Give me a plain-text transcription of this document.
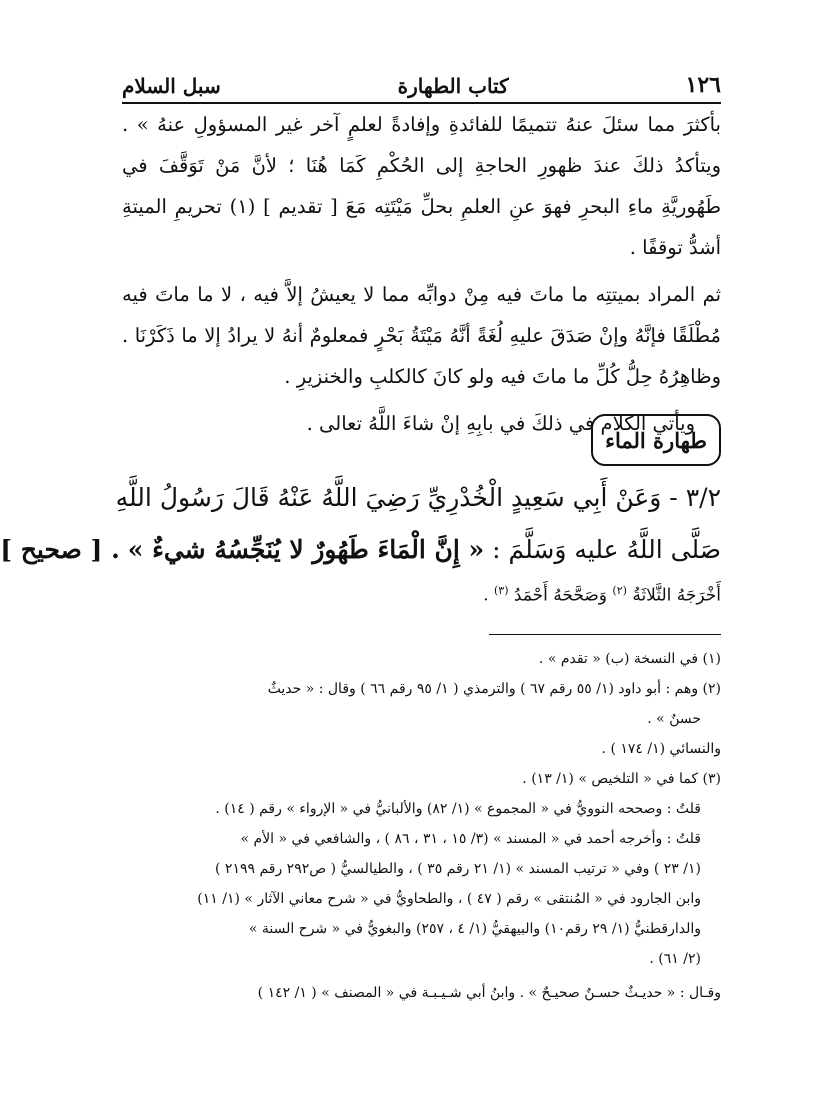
١٢٦
كتاب الطهارة
سبل السلام

بأكثرَ مما سئلَ عنهُ تتميمًا للفائدةِ وإفادةً لعلمٍ آخر غير المسؤولِ عنهُ » . ويتأكدُ ذلكَ عندَ ظهورِ الحاجةِ إلى الحُكْمِ كَمَا هُنَا ؛ لأنَّ مَنْ تَوَقَّفَ في طَهُوريَّةِ ماءِ البحرِ فهوَ عنِ العلمِ بحلِّ مَيْتَتِه مَعَ [ تقديم ] (١) تحريمِ الميتةِ أشدُّ توقفًا .

ثم المراد بميتتِه ما ماتَ فيه مِنْ دوابِّه مما لا يعيشُ إلاَّ فيه ، لا ما ماتَ فيه مُطْلَقًا فإنَّهُ وإنْ صَدَقَ عليهِ لُغَةً أنَّهُ مَيْتَةُ بَحْرٍ فمعلومٌ أنهُ لا يرادُ إلا ما ذَكَرْنَا . وظاهِرُهُ حِلُّ كُلِّ ما ماتَ فيه ولو كانَ كالكلبِ والخنزيرِ .

ويأتي الكلام في ذلكَ في بابِهِ إنْ شاءَ اللَّهُ تعالى .

طهارة الماء
٣/٢ - وَعَنْ أَبِي سَعِيدٍ الْخُدْرِيِّ رَضِيَ اللَّهُ عَنْهُ قَالَ رَسُولُ اللَّهِ
صَلَّى اللَّهُ عليه وَسَلَّمَ : « إِنَّ الْمَاءَ طَهُورٌ لا يُنَجِّسُهُ شيءٌ » . [ صحيح ]
أَخْرَجَهُ الثَّلاثَةُ $^{(٢)}$ وَصَحَّحَهُ أَحْمَدُ $^{(٣)}$ .

(١) في النسخة (ب) « تقدم » .

(٢) وهم : أبو داود (١/ ٥٥ رقم ٦٧ ) والترمذي ( ١/ ٩٥ رقم ٦٦ ) وقال : « حديثٌ

حسنٌ » .

والنسائي (١/ ١٧٤ ) .

(٣) كما في « التلخيص » (١/ ١٣) .

قلتُ : وصححه النوويُّ في « المجموع » (١/ ٨٢) والألبانيُّ في « الإرواء » رقم ( ١٤) .

قلتُ : وأخرجه أحمد في « المسند » (٣/ ١٥ ، ٣١ ، ٨٦ ) ، والشافعي في « الأم »

(١/ ٢٣ ) وفي « ترتيب المسند » (١/ ٢١ رقم ٣٥ ) ، والطيالسيُّ ( ص٢٩٢ رقم ٢١٩٩ )

وابن الجارود في « المُنتقى » رقم ( ٤٧ ) ، والطحاويُّ في « شرح معاني الآثار » (١/ ١١)

والدارقطنيُّ (١/ ٢٩ رقم١٠) والبيهقيُّ (١/ ٤ ، ٢٥٧) والبغويُّ في « شرح السنة »

(٢/ ٦١) .

وقـال : « حديـثٌ حسـنٌ صحيـحٌ » . وابنُ أبي شـيـبـة في « المصنف » ( ١/ ١٤٢ )
